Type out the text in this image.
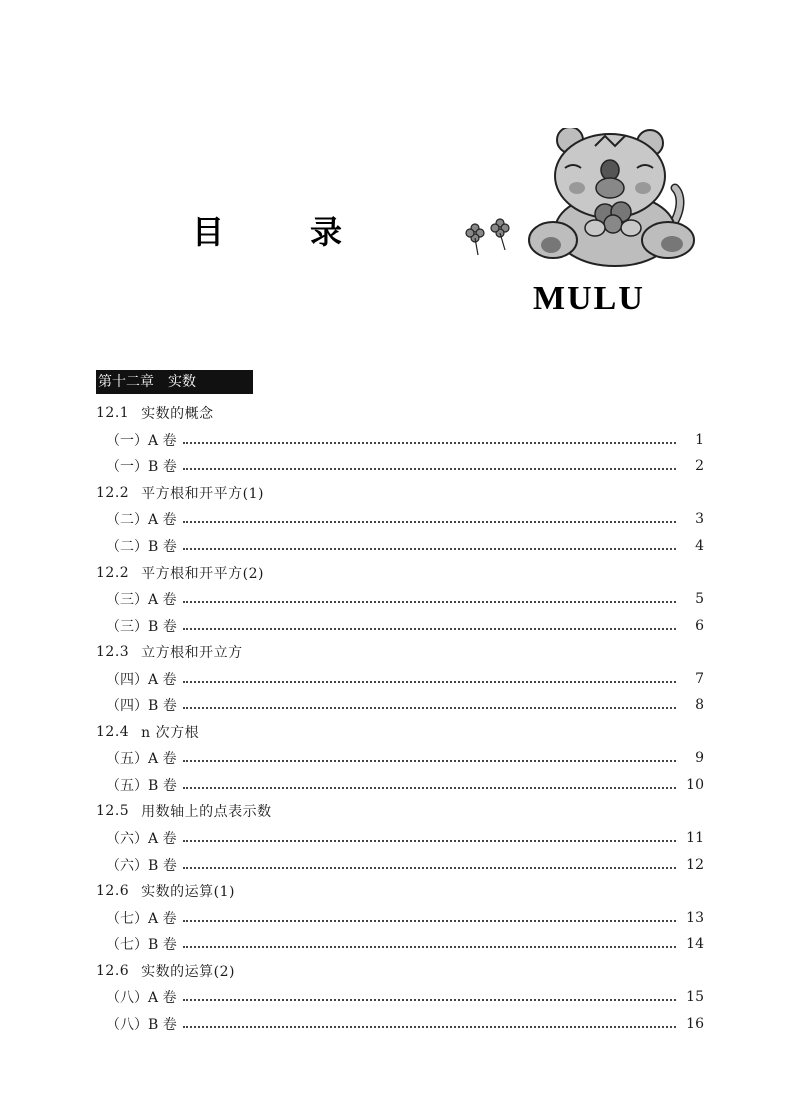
目	录
MULU
第十二章　实数
12.1 实数的概念
（一）A 卷	1
（一）B 卷	2
12.2 平方根和开平方(1)
（二）A 卷	3
（二）B 卷	4
12.2 平方根和开平方(2)
（三）A 卷	5
（三）B 卷	6
12.3 立方根和开立方
（四）A 卷	7
（四）B 卷	8
12.4 n 次方根
（五）A 卷	9
（五）B 卷	10
12.5 用数轴上的点表示数
（六）A 卷	11
（六）B 卷	12
12.6 实数的运算(1)
（七）A 卷	13
（七）B 卷	14
12.6 实数的运算(2)
（八）A 卷	15
（八）B 卷	16
